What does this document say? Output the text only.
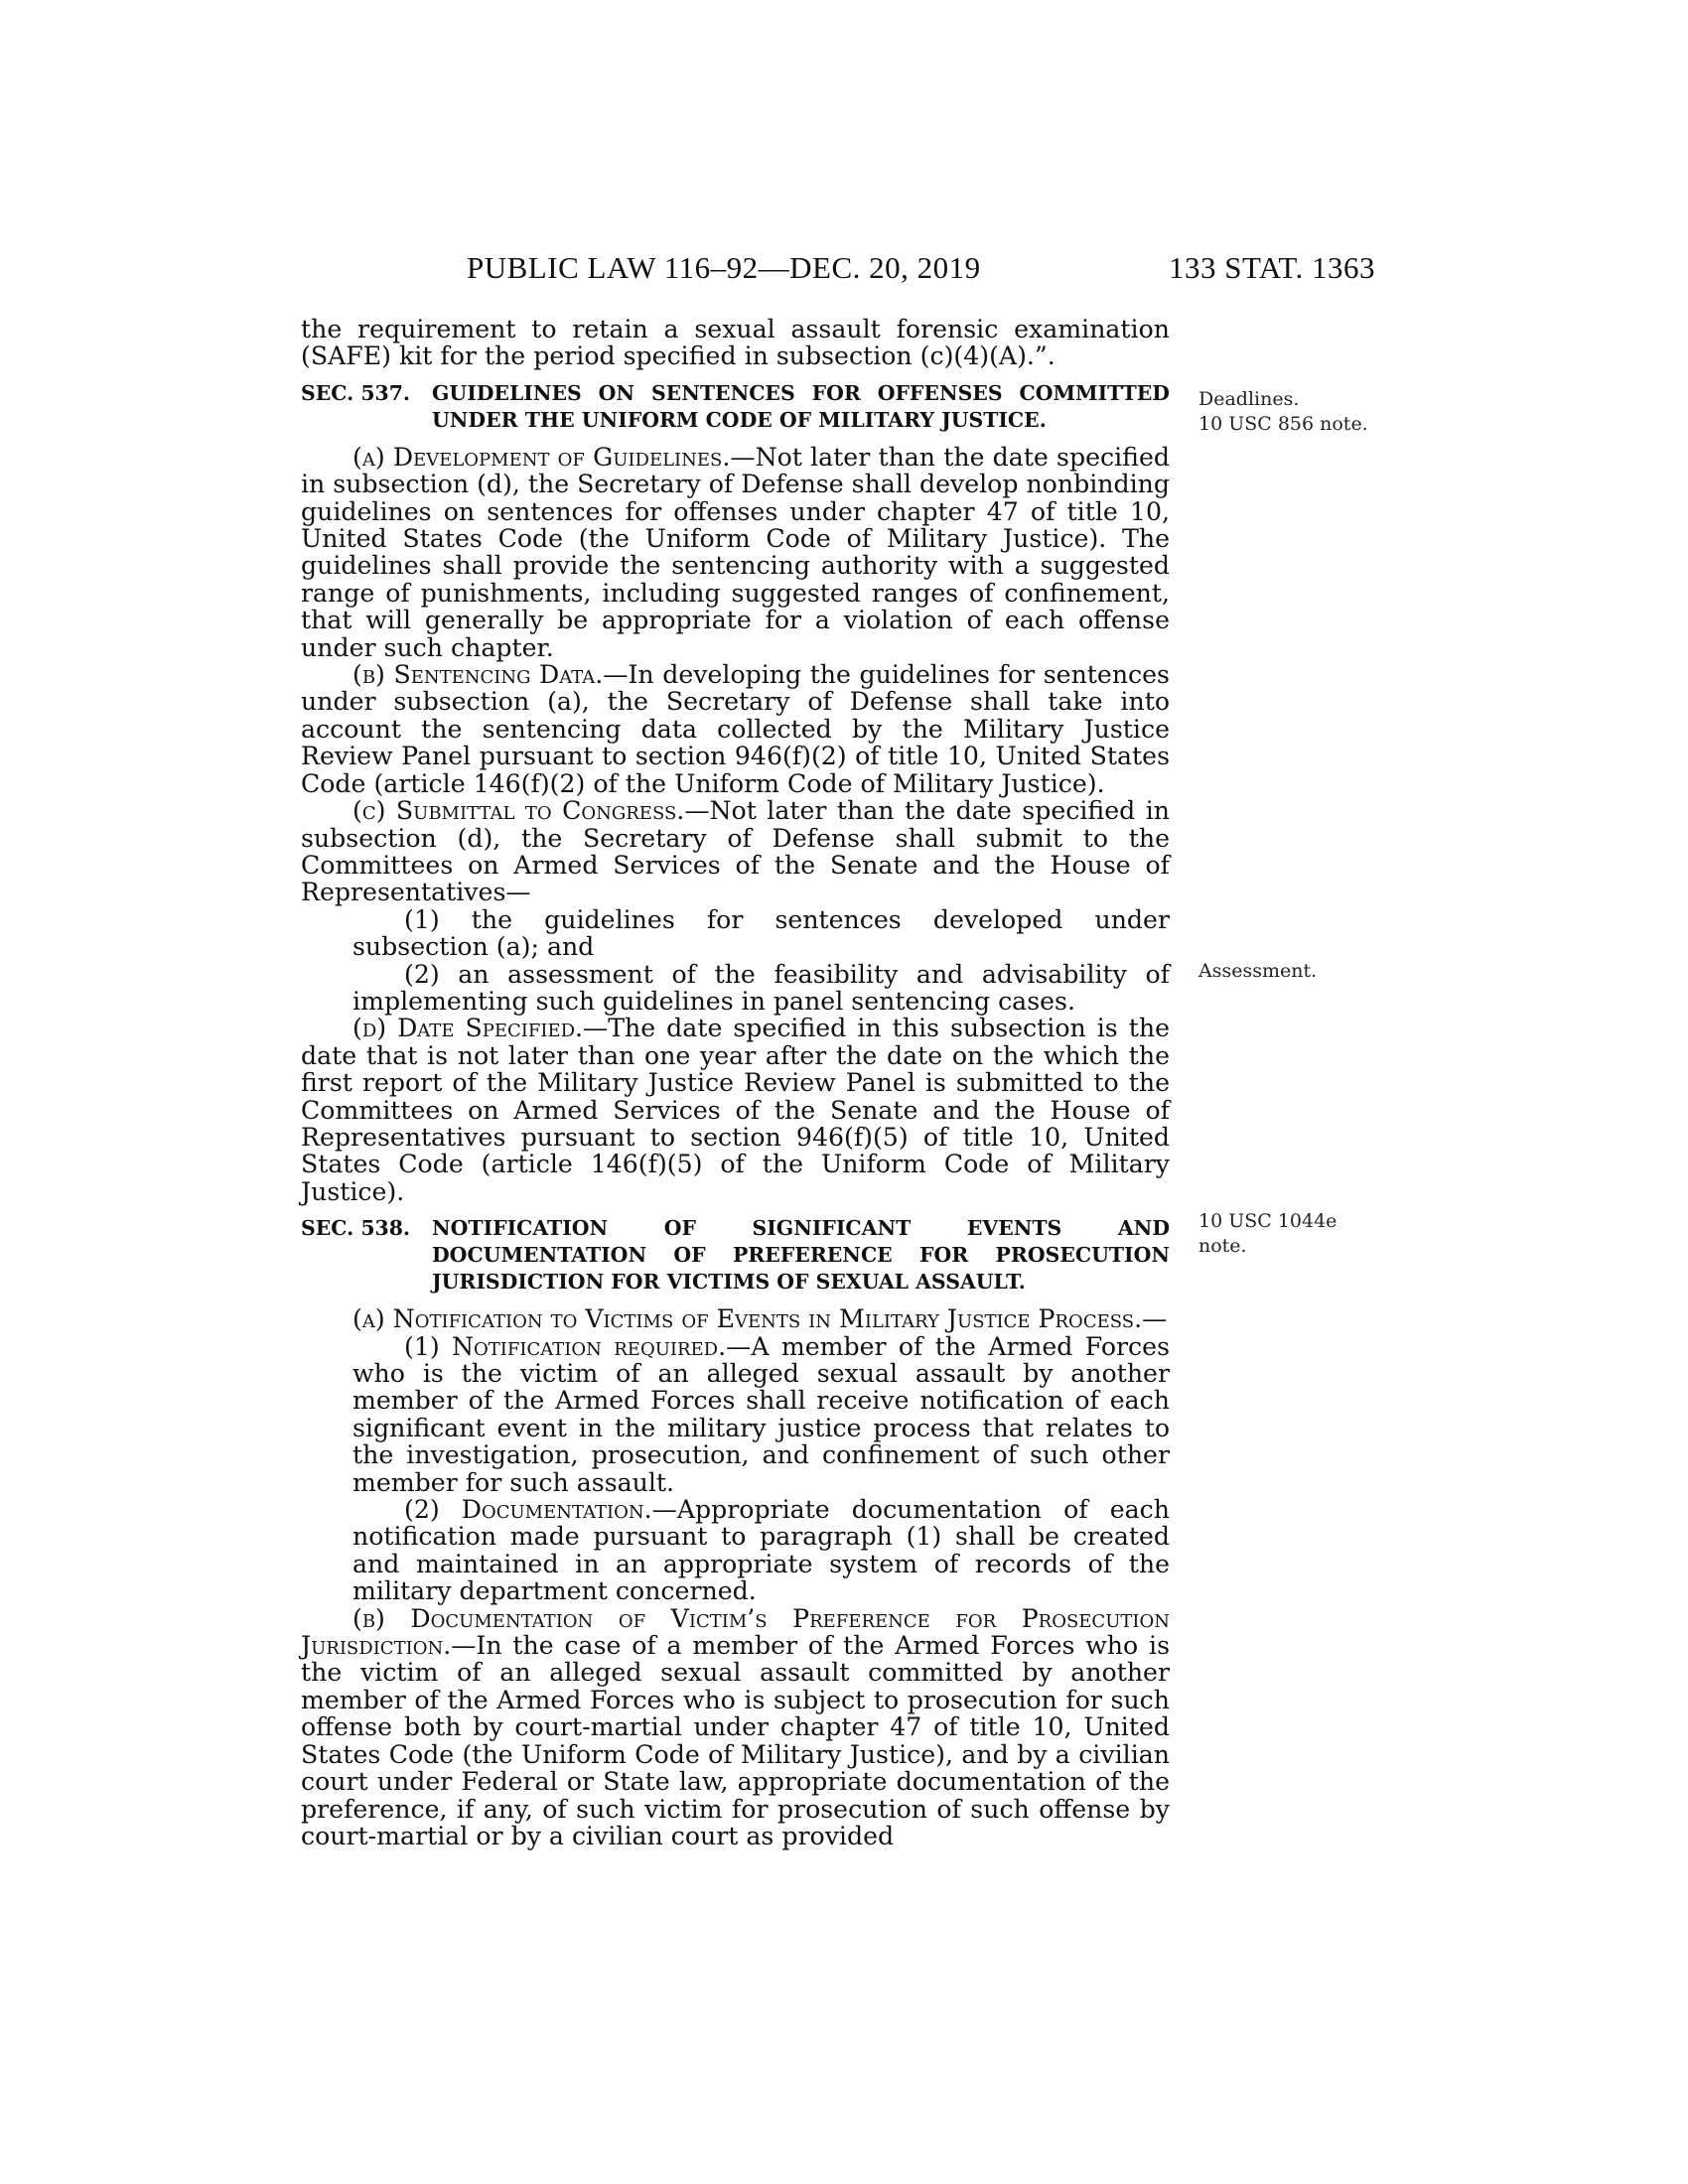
PUBLIC LAW 116–92—DEC. 20, 2019	133 STAT. 1363
Deadlines.
10 USC 856 note.
Assessment.
10 USC 1044e
note.

the requirement to retain a sexual assault forensic examination (SAFE) kit for the period specified in subsection (c)(4)(A).”.

SEC. 537. GUIDELINES ON SENTENCES FOR OFFENSES COMMITTED UNDER THE UNIFORM CODE OF MILITARY JUSTICE.

(a) Development of Guidelines.—Not later than the date specified in subsection (d), the Secretary of Defense shall develop nonbinding guidelines on sentences for offenses under chapter 47 of title 10, United States Code (the Uniform Code of Military Justice). The guidelines shall provide the sentencing authority with a suggested range of punishments, including suggested ranges of confinement, that will generally be appropriate for a violation of each offense under such chapter.

(b) Sentencing Data.—In developing the guidelines for sentences under subsection (a), the Secretary of Defense shall take into account the sentencing data collected by the Military Justice Review Panel pursuant to section 946(f)(2) of title 10, United States Code (article 146(f)(2) of the Uniform Code of Military Justice).

(c) Submittal to Congress.—Not later than the date specified in subsection (d), the Secretary of Defense shall submit to the Committees on Armed Services of the Senate and the House of Representatives—

(1) the guidelines for sentences developed under subsection (a); and

(2) an assessment of the feasibility and advisability of implementing such guidelines in panel sentencing cases.

(d) Date Specified.—The date specified in this subsection is the date that is not later than one year after the date on the which the first report of the Military Justice Review Panel is submitted to the Committees on Armed Services of the Senate and the House of Representatives pursuant to section 946(f)(5) of title 10, United States Code (article 146(f)(5) of the Uniform Code of Military Justice).

SEC. 538. NOTIFICATION OF SIGNIFICANT EVENTS AND DOCUMENTATION OF PREFERENCE FOR PROSECUTION JURISDICTION FOR VICTIMS OF SEXUAL ASSAULT.

(a) Notification to Victims of Events in Military Justice Process.—

(1) Notification required.—A member of the Armed Forces who is the victim of an alleged sexual assault by another member of the Armed Forces shall receive notification of each significant event in the military justice process that relates to the investigation, prosecution, and confinement of such other member for such assault.

(2) Documentation.—Appropriate documentation of each notification made pursuant to paragraph (1) shall be created and maintained in an appropriate system of records of the military department concerned.

(b) Documentation of Victim’s Preference for Prosecution Jurisdiction.—In the case of a member of the Armed Forces who is the victim of an alleged sexual assault committed by another member of the Armed Forces who is subject to prosecution for such offense both by court-martial under chapter 47 of title 10, United States Code (the Uniform Code of Military Justice), and by a civilian court under Federal or State law, appropriate documentation of the preference, if any, of such victim for prosecution of such offense by court-martial or by a civilian court as provided
